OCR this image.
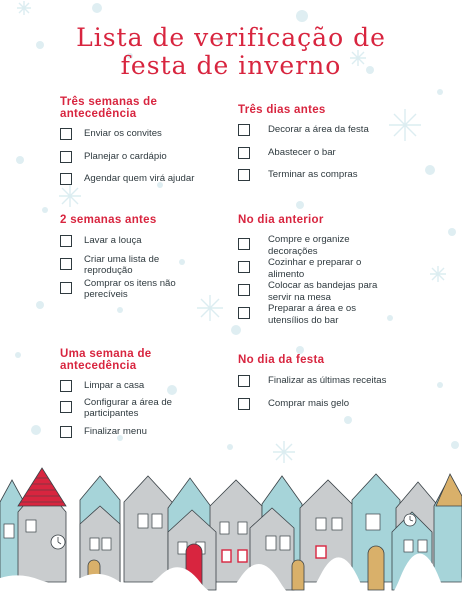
Lista de verificação de
festa de inverno
Três semanas de
antecedência
Enviar os convites
Planejar o cardápio
Agendar quem virá ajudar
Três dias antes
Decorar a área da festa
Abastecer o bar
Terminar as compras
2 semanas antes
Lavar a louça
Criar uma lista de
reprodução
Comprar os itens não
perecíveis
No dia anterior
Compre e organize
decorações
Cozinhar e preparar o
alimento
Colocar as bandejas para
servir na mesa
Preparar a área e os
utensílios do bar
Uma semana de
antecedência
Limpar a casa
Configurar a área de
participantes
Finalizar menu
No dia da festa
Finalizar as últimas receitas
Comprar mais gelo
